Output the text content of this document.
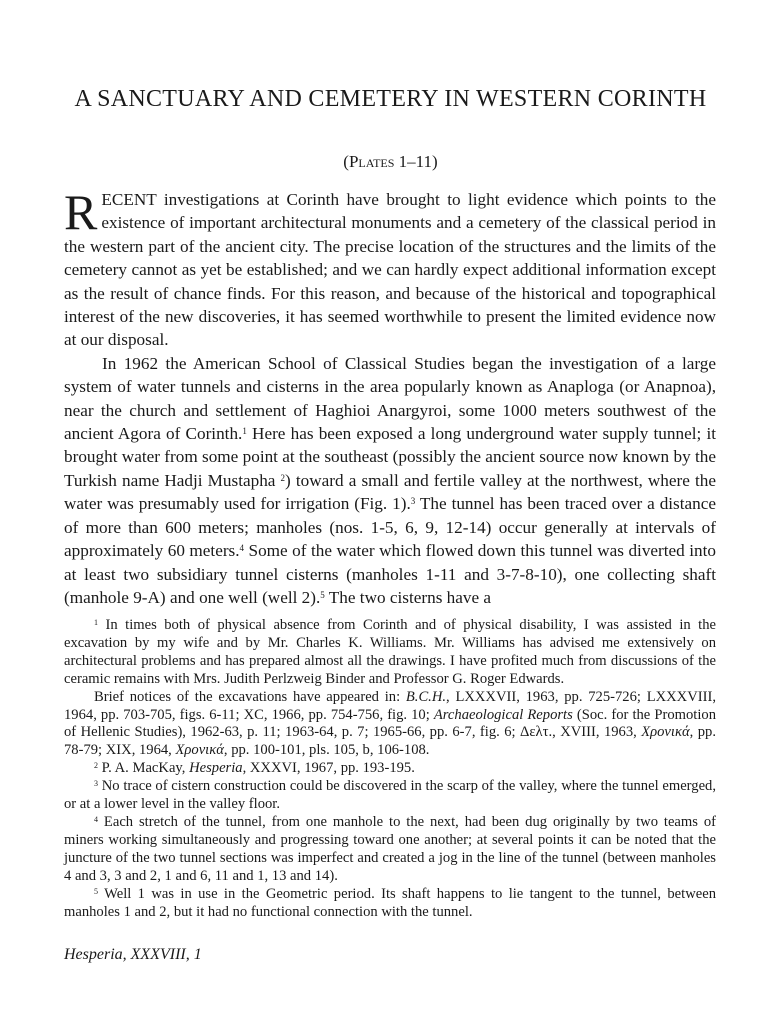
A SANCTUARY AND CEMETERY IN WESTERN CORINTH
(Plates 1–11)

RECENT investigations at Corinth have brought to light evidence which points to the existence of important architectural monuments and a cemetery of the classical period in the western part of the ancient city. The precise location of the structures and the limits of the cemetery cannot as yet be established; and we can hardly expect additional information except as the result of chance finds. For this reason, and because of the historical and topographical interest of the new discoveries, it has seemed worthwhile to present the limited evidence now at our disposal.

In 1962 the American School of Classical Studies began the investigation of a large system of water tunnels and cisterns in the area popularly known as Anaploga (or Anapnoa), near the church and settlement of Haghioi Anargyroi, some 1000 meters southwest of the ancient Agora of Corinth.$^1$ Here has been exposed a long underground water supply tunnel; it brought water from some point at the southeast (possibly the ancient source now known by the Turkish name Hadji Mustapha $^2$) toward a small and fertile valley at the northwest, where the water was presumably used for irrigation (Fig. 1).$^3$ The tunnel has been traced over a distance of more than 600 meters; manholes (nos. 1-5, 6, 9, 12-14) occur generally at intervals of approximately 60 meters.$^4$ Some of the water which flowed down this tunnel was diverted into at least two subsidiary tunnel cisterns (manholes 1-11 and 3-7-8-10), one collecting shaft (manhole 9-A) and one well (well 2).$^5$ The two cisterns have a

$^1$ In times both of physical absence from Corinth and of physical disability, I was assisted in the excavation by my wife and by Mr. Charles K. Williams. Mr. Williams has advised me extensively on architectural problems and has prepared almost all the drawings. I have profited much from discussions of the ceramic remains with Mrs. Judith Perlzweig Binder and Professor G. Roger Edwards.

Brief notices of the excavations have appeared in: B.C.H., LXXXVII, 1963, pp. 725-726; LXXXVIII, 1964, pp. 703-705, figs. 6-11; XC, 1966, pp. 754-756, fig. 10; Archaeological Reports (Soc. for the Promotion of Hellenic Studies), 1962-63, p. 11; 1963-64, p. 7; 1965-66, pp. 6-7, fig. 6; Δελτ., XVIII, 1963, Χρονικά, pp. 78-79; XIX, 1964, Χρονικά, pp. 100-101, pls. 105, b, 106-108.

$^2$ P. A. MacKay, Hesperia, XXXVI, 1967, pp. 193-195.

$^3$ No trace of cistern construction could be discovered in the scarp of the valley, where the tunnel emerged, or at a lower level in the valley floor.

$^4$ Each stretch of the tunnel, from one manhole to the next, had been dug originally by two teams of miners working simultaneously and progressing toward one another; at several points it can be noted that the juncture of the two tunnel sections was imperfect and created a jog in the line of the tunnel (between manholes 4 and 3, 3 and 2, 1 and 6, 11 and 1, 13 and 14).

$^5$ Well 1 was in use in the Geometric period. Its shaft happens to lie tangent to the tunnel, between manholes 1 and 2, but it had no functional connection with the tunnel.

Hesperia, XXXVIII, 1
